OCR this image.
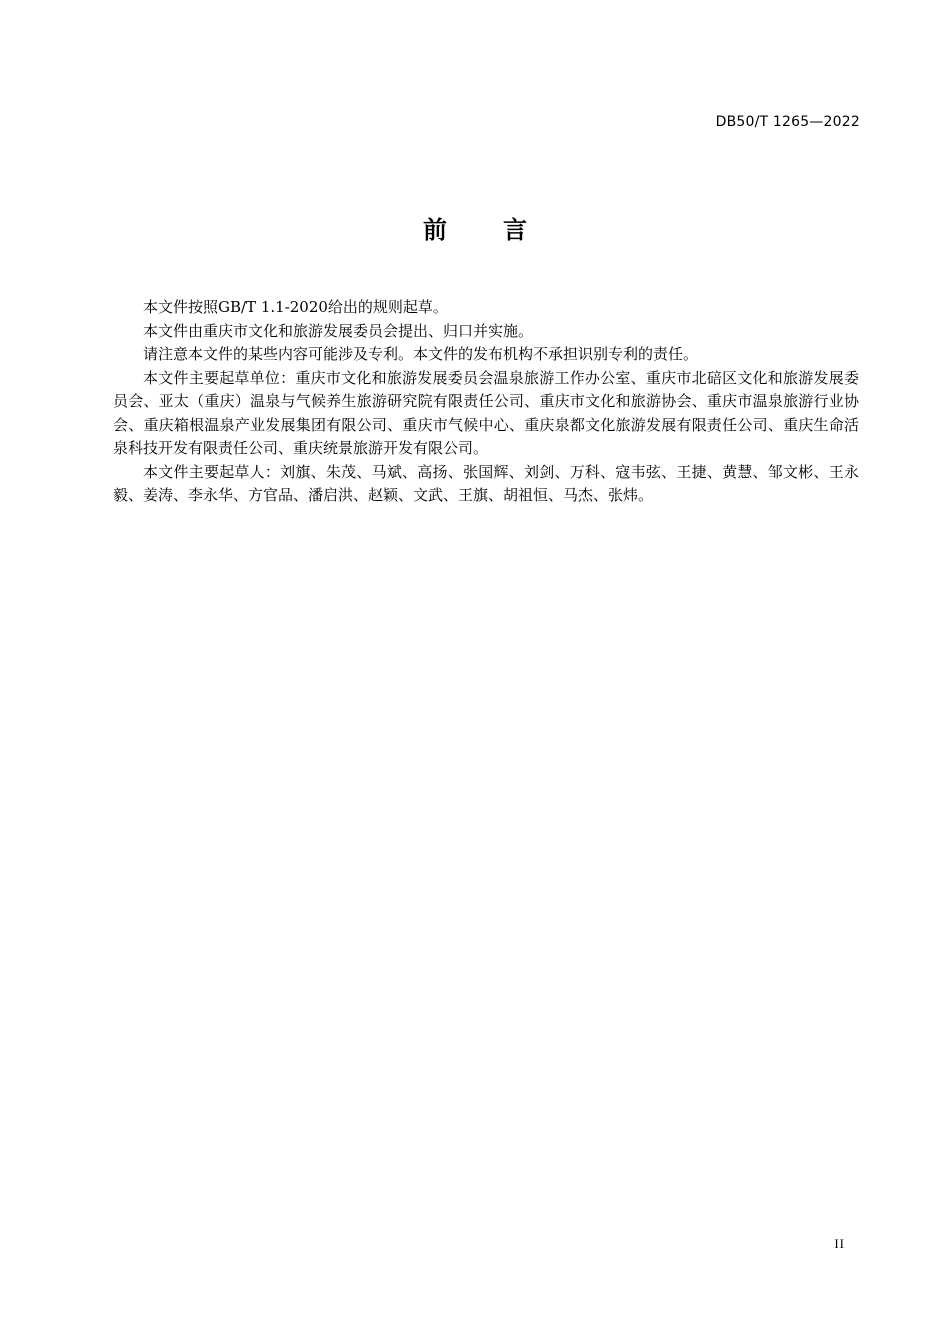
DB50/T 1265—2022
前 言

本文件按照GB/T 1.1-2020给出的规则起草。

本文件由重庆市文化和旅游发展委员会提出、归口并实施。

请注意本文件的某些内容可能涉及专利。本文件的发布机构不承担识别专利的责任。

本文件主要起草单位：重庆市文化和旅游发展委员会温泉旅游工作办公室、重庆市北碚区文化和旅游发展委员会、亚太（重庆）温泉与气候养生旅游研究院有限责任公司、重庆市文化和旅游协会、重庆市温泉旅游行业协会、重庆箱根温泉产业发展集团有限公司、重庆市气候中心、重庆泉都文化旅游发展有限责任公司、重庆生命活泉科技开发有限责任公司、重庆统景旅游开发有限公司。

本文件主要起草人：刘旗、朱茂、马斌、高扬、张国辉、刘剑、万科、寇韦弦、王捷、黄慧、邹文彬、王永毅、姜涛、李永华、方官品、潘启洪、赵颖、文武、王旗、胡祖恒、马杰、张炜。

II
